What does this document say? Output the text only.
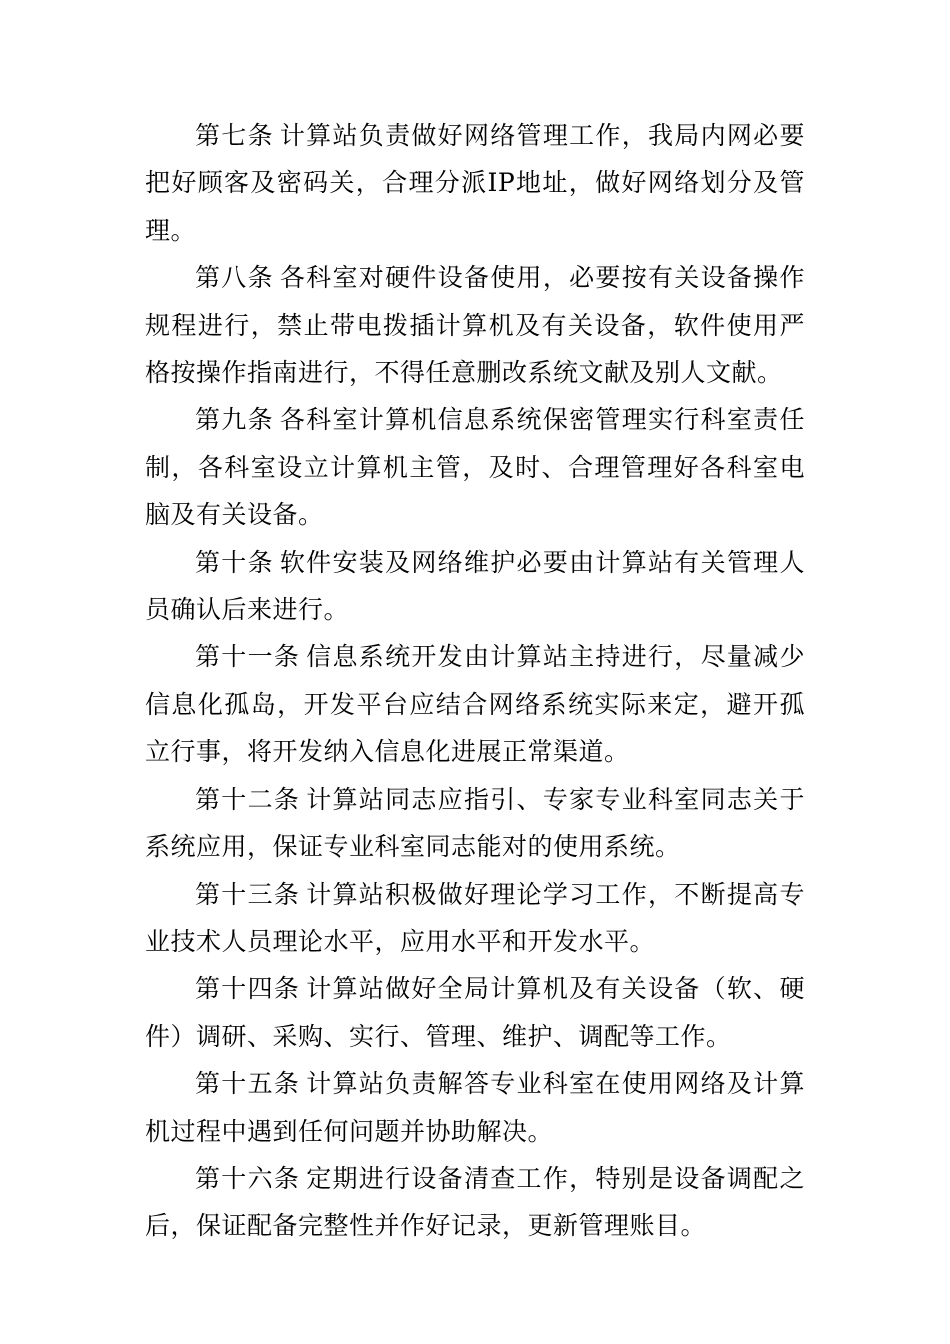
第七条 计算站负责做好网络管理工作，我局内网必要把好顾客及密码关，合理分派IP地址，做好网络划分及管理。

第八条 各科室对硬件设备使用，必要按有关设备操作规程进行，禁止带电拨插计算机及有关设备，软件使用严格按操作指南进行，不得任意删改系统文献及别人文献。

第九条 各科室计算机信息系统保密管理实行科室责任制，各科室设立计算机主管，及时、合理管理好各科室电脑及有关设备。

第十条 软件安装及网络维护必要由计算站有关管理人员确认后来进行。

第十一条 信息系统开发由计算站主持进行，尽量减少信息化孤岛，开发平台应结合网络系统实际来定，避开孤立行事，将开发纳入信息化进展正常渠道。

第十二条 计算站同志应指引、专家专业科室同志关于系统应用，保证专业科室同志能对的使用系统。

第十三条 计算站积极做好理论学习工作，不断提高专业技术人员理论水平，应用水平和开发水平。

第十四条 计算站做好全局计算机及有关设备（软、硬件）调研、采购、实行、管理、维护、调配等工作。

第十五条 计算站负责解答专业科室在使用网络及计算机过程中遇到任何问题并协助解决。

第十六条 定期进行设备清查工作，特别是设备调配之后，保证配备完整性并作好记录，更新管理账目。
